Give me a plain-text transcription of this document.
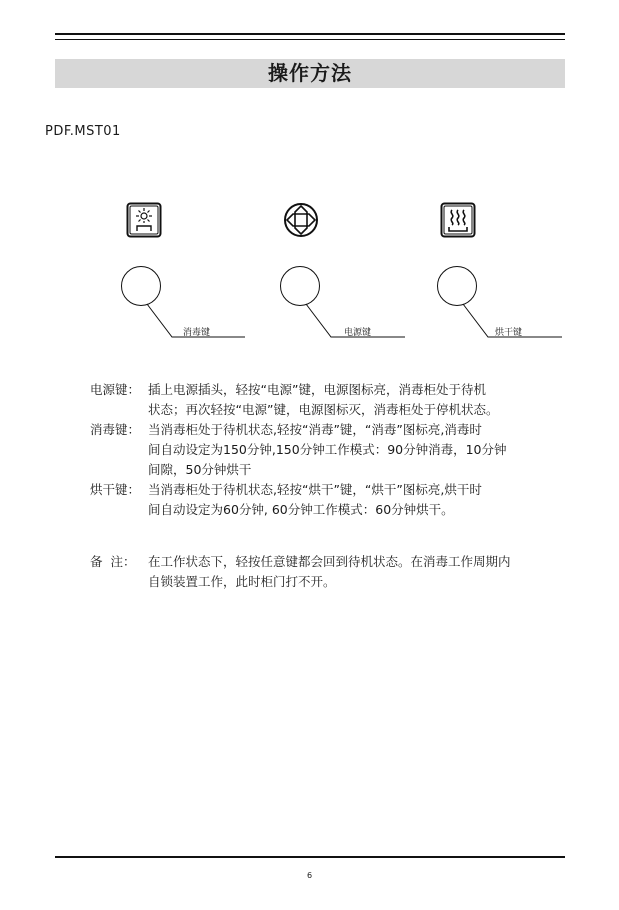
操作方法
PDF.MST01
消毒键	电源键	烘干键
电源键： 插上电源插头，轻按“电源”键，电源图标亮，消毒柜处于待机
状态；再次轻按“电源”键，电源图标灭，消毒柜处于停机状态。
消毒键： 当消毒柜处于待机状态,轻按“消毒”键，“消毒”图标亮,消毒时
间自动设定为150分钟,150分钟工作模式：90分钟消毒，10分钟
间隙，50分钟烘干
烘干键： 当消毒柜处于待机状态,轻按“烘干”键，“烘干”图标亮,烘干时
间自动设定为60分钟, 60分钟工作模式：60分钟烘干。
备  注：	在工作状态下，轻按任意键都会回到待机状态。在消毒工作周期内
自锁装置工作，此时柜门打不开。
6
